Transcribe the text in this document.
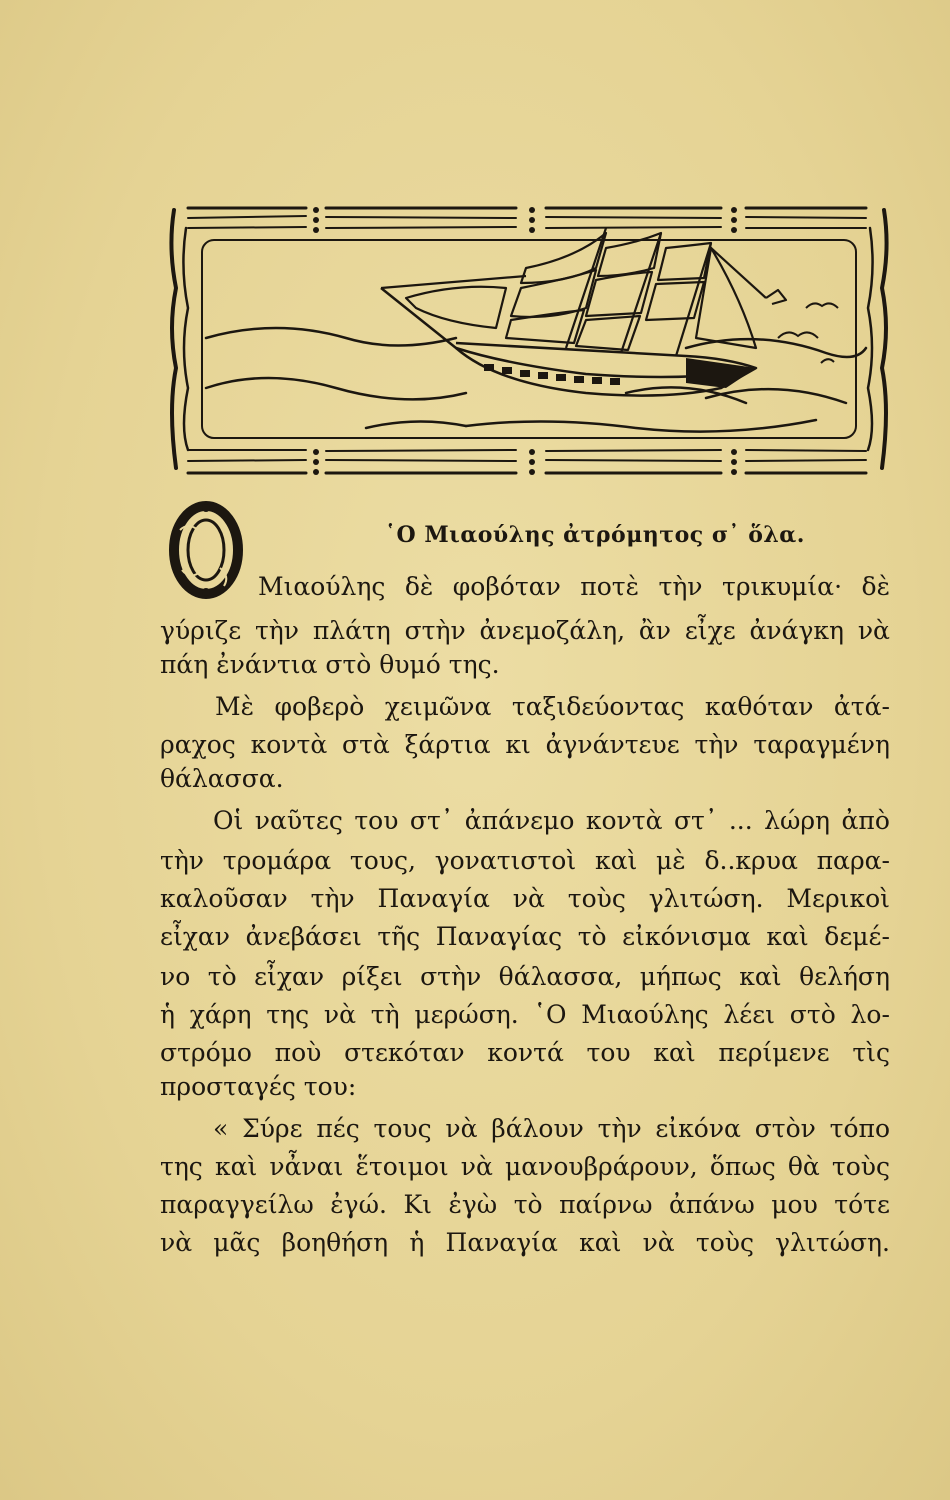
῾Ο Μιαούλης ἀτρόμητος σ᾿ ὅλα.
Μιαούλης δὲ φοβόταν ποτὲ τὴν τρικυμία· δὲ
γύριζε τὴν πλάτη στὴν ἀνεμοζάλη, ἂν εἶχε ἀνάγκη νὰ
πάη ἐνάντια στὸ θυμό της.
Μὲ φοβερὸ χειμῶνα ταξιδεύοντας καθόταν ἀτά-
ραχος κοντὰ στὰ ξάρτια κι ἀγνάντευε τὴν ταραγμένη
θάλασσα.
Οἱ ναῦτες του στ᾿ ἀπάνεμο κοντὰ στ᾿ ... λώρη ἀπὸ
τὴν τρομάρα τους, γονατιστοὶ καὶ μὲ δ..κρυα παρα-
καλοῦσαν τὴν Παναγία νὰ τοὺς γλιτώση. Μερικοὶ
εἶχαν ἀνεβάσει τῆς Παναγίας τὸ εἰκόνισμα καὶ δεμέ-
νο τὸ εἶχαν ρίξει στὴν θάλασσα, μήπως καὶ θελήση
ἡ χάρη της νὰ τὴ μερώση. ῾Ο Μιαούλης λέει στὸ λο-
στρόμο ποὺ στεκόταν κοντά του καὶ περίμενε τὶς
προσταγές του:
« Σύρε πές τους νὰ βάλουν τὴν εἰκόνα στὸν τόπο
της καὶ νἆναι ἕτοιμοι νὰ μανουβράρουν, ὅπως θὰ τοὺς
παραγγείλω ἐγώ. Κι ἐγὼ τὸ παίρνω ἀπάνω μου τότε
νὰ μᾶς βοηθήση ἡ Παναγία καὶ νὰ τοὺς γλιτώση.
